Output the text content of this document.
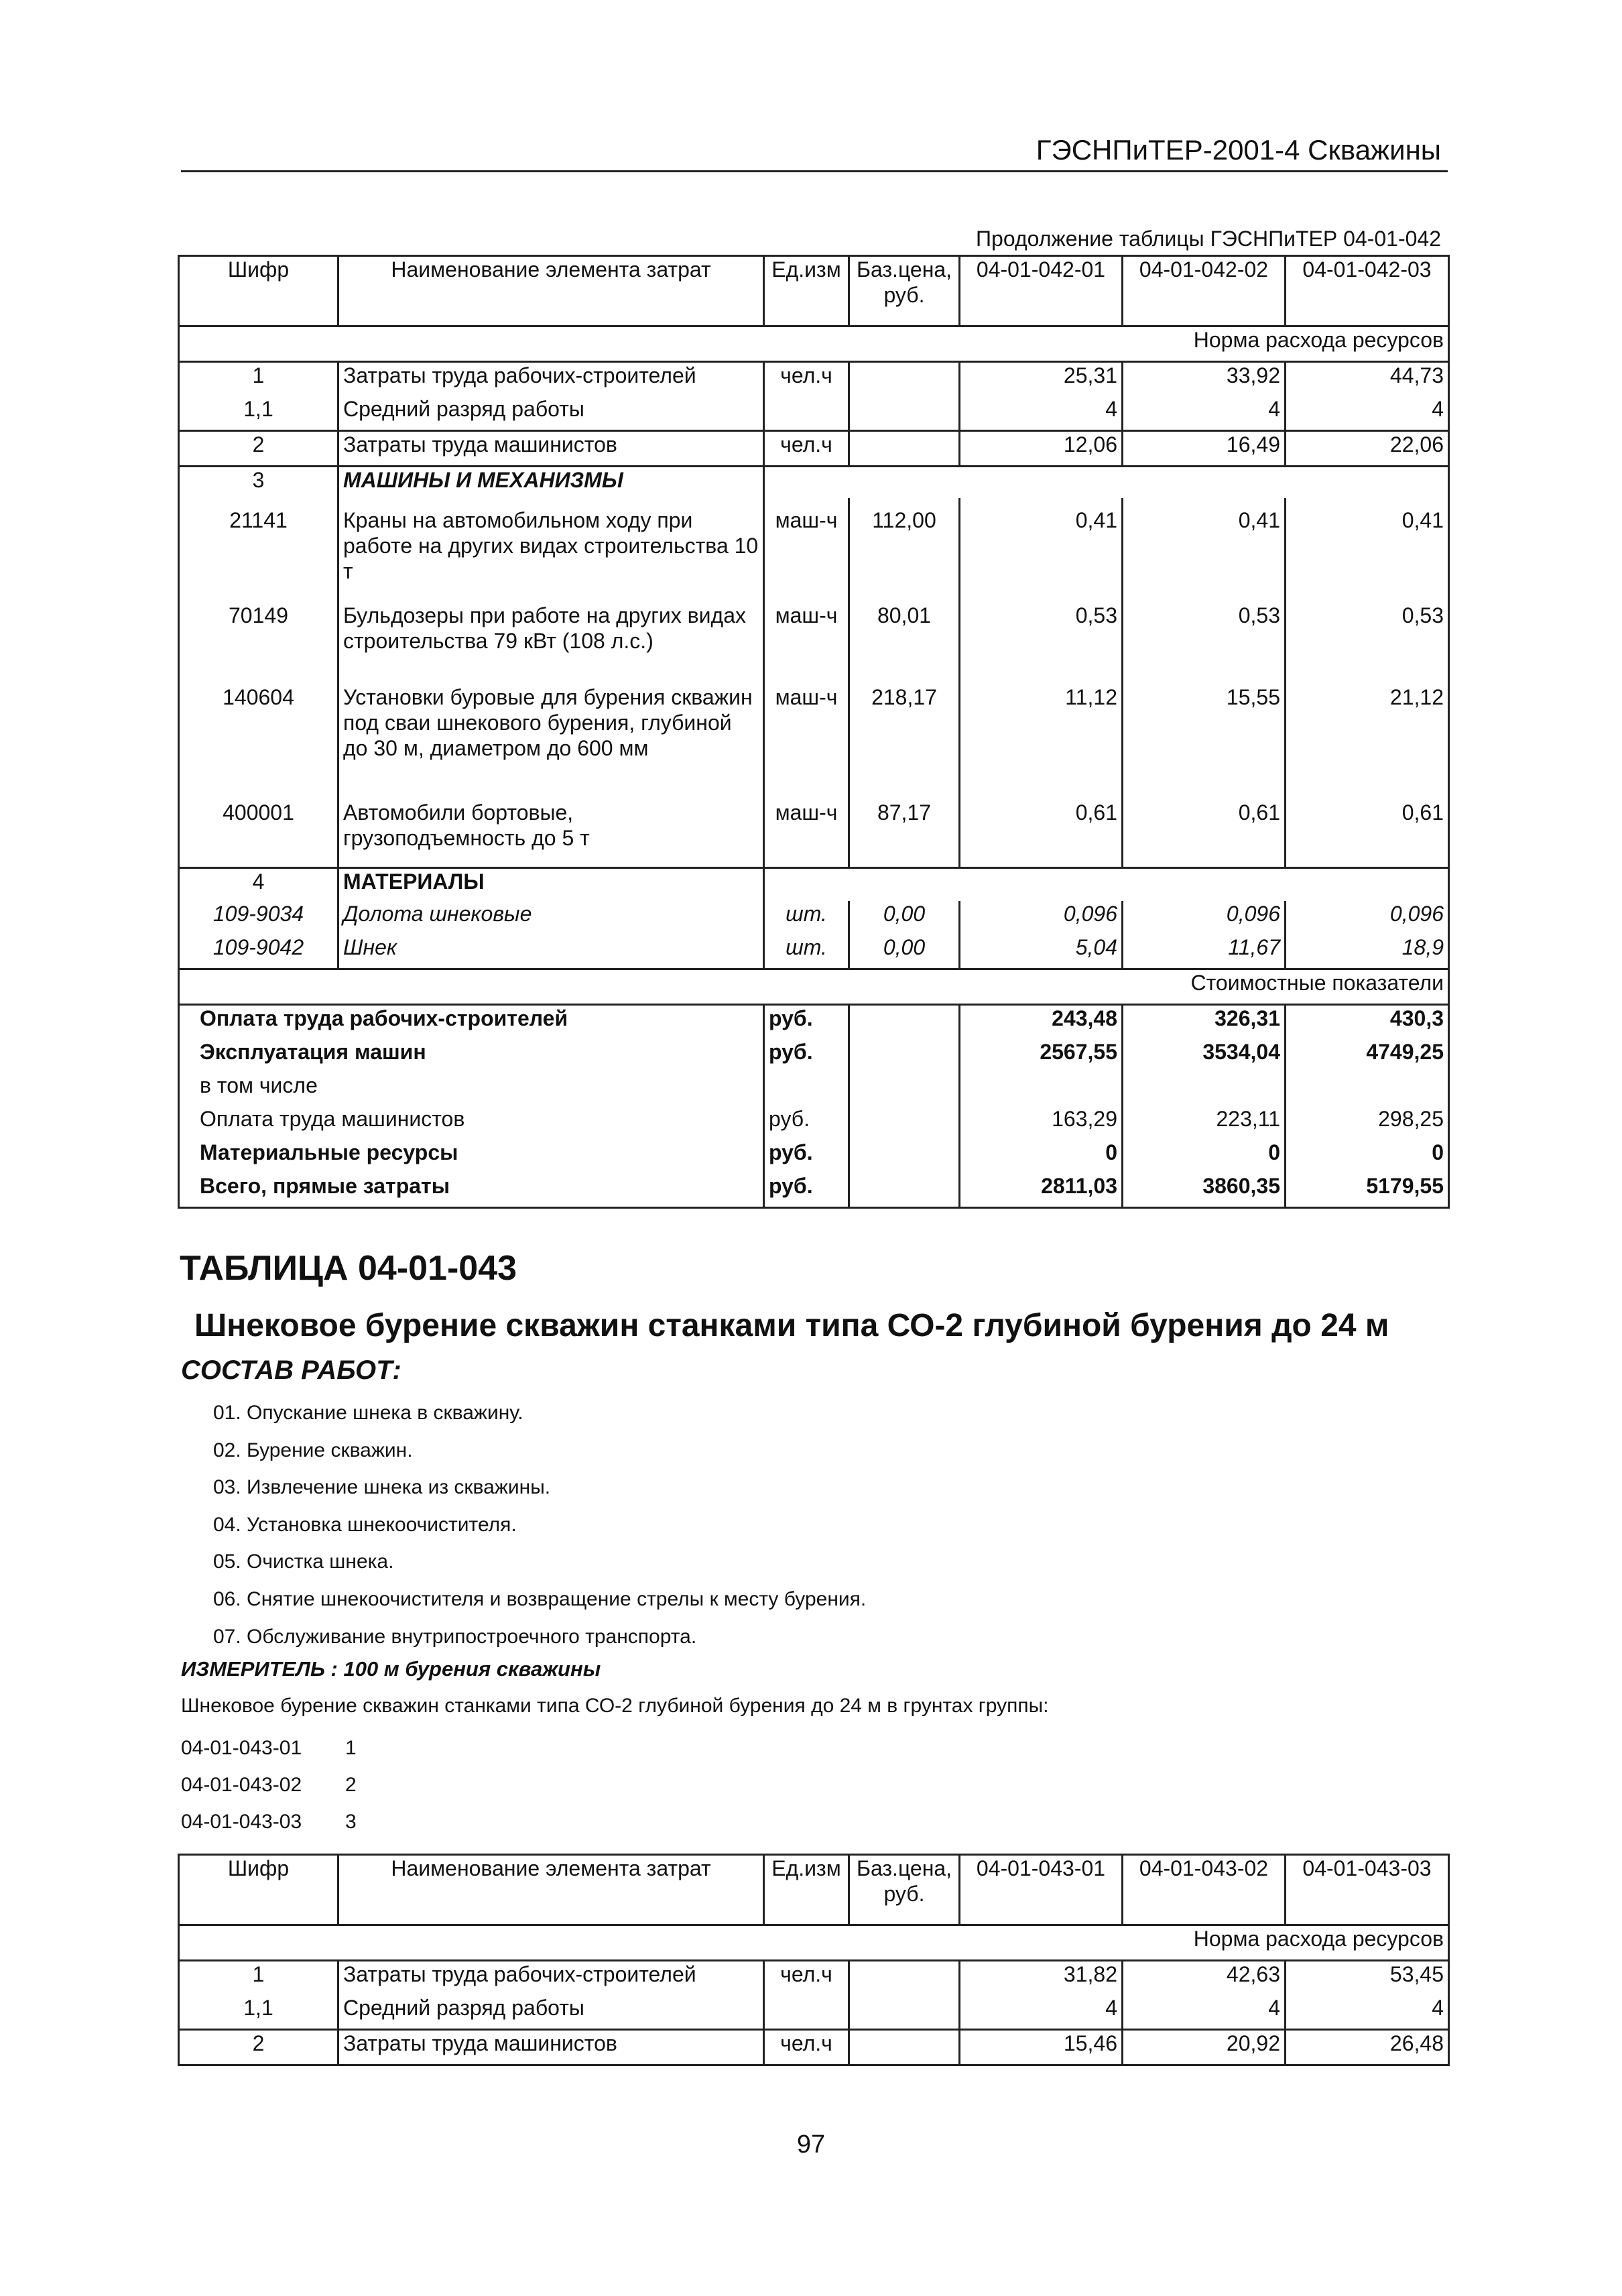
ГЭСНПиТЕР-2001-4 Скважины
Продолжение таблицы ГЭСНПиТЕР 04-01-042
Шифр	Наименование элемента затрат	Ед.изм	Баз.цена, руб.	04-01-042-01	04-01-042-02	04-01-042-03
Норма расхода ресурсов						
1	Затраты труда рабочих-строителей	чел.ч		25,31	33,92	44,73
1,1	Средний разряд работы			4	4	4
2	Затраты труда машинистов	чел.ч		12,06	16,49	22,06
3	МАШИНЫ И МЕХАНИЗМЫ					
21141	Краны на автомобильном ходу при работе на других видах строительства 10 т	маш-ч	112,00	0,41	0,41	0,41
70149	Бульдозеры при работе на других видах строительства 79 кВт (108 л.с.)	маш-ч	80,01	0,53	0,53	0,53
140604	Установки буровые для бурения скважин под сваи шнекового бурения, глубиной до 30 м, диаметром до 600 мм	маш-ч	218,17	11,12	15,55	21,12
400001	Автомобили бортовые, грузоподъемность до 5 т	маш-ч	87,17	0,61	0,61	0,61
4	МАТЕРИАЛЫ					
109-9034	Долота шнековые	шт.	0,00	0,096	0,096	0,096
109-9042	Шнек	шт.	0,00	5,04	11,67	18,9
Стоимостные показатели						
Оплата труда рабочих-строителей		руб.		243,48	326,31	430,3
Эксплуатация машин		руб.		2567,55	3534,04	4749,25
в том числе						
Оплата труда машинистов		руб.		163,29	223,11	298,25
Материальные ресурсы		руб.		0	0	0
Всего, прямые затраты		руб.		2811,03	3860,35	5179,55
ТАБЛИЦА 04-01-043
Шнековое бурение скважин станками типа СО-2 глубиной бурения до 24 м
СОСТАВ РАБОТ:
01. Опускание шнека в скважину.
02. Бурение скважин.
03. Извлечение шнека из скважины.
04. Установка шнекоочистителя.
05. Очистка шнека.
06. Снятие шнекоочистителя и возвращение стрелы к месту бурения.
07. Обслуживание внутрипостроечного транспорта.
ИЗМЕРИТЕЛЬ : 100 м бурения скважины
Шнековое бурение скважин станками типа СО-2 глубиной бурения до 24 м в грунтах группы:
04-01-043-01 1
04-01-043-02 2
04-01-043-03 3
Шифр	Наименование элемента затрат	Ед.изм	Баз.цена, руб.	04-01-043-01	04-01-043-02	04-01-043-03
Норма расхода ресурсов						
1	Затраты труда рабочих-строителей	чел.ч		31,82	42,63	53,45
1,1	Средний разряд работы			4	4	4
2	Затраты труда машинистов	чел.ч		15,46	20,92	26,48
97
